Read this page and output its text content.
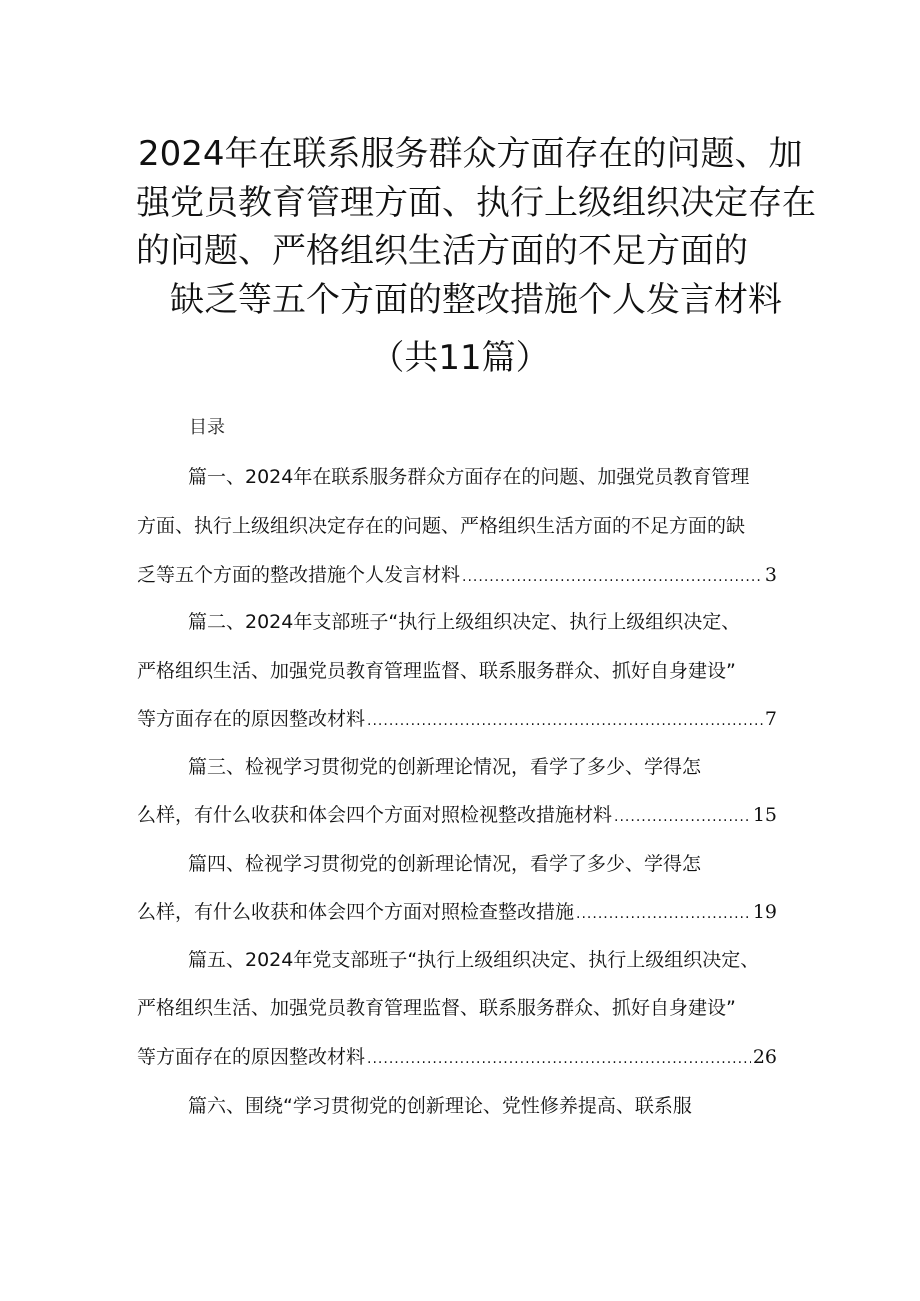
2024年在联系服务群众方面存在的问题、加
强党员教育管理方面、执行上级组织决定存在
的问题、严格组织生活方面的不足方面的
缺乏等五个方面的整改措施个人发言材料
（共11篇）
目录
篇一、2024年在联系服务群众方面存在的问题、加强党员教育管理
方面、执行上级组织决定存在的问题、严格组织生活方面的不足方面的缺
乏等五个方面的整改措施个人发言材料 .....	3
篇二、2024年支部班子“执行上级组织决定、执行上级组织决定、
严格组织生活、加强党员教育管理监督、联系服务群众、抓好自身建设”
等方面存在的原因整改材料 .....	7
篇三、检视学习贯彻党的创新理论情况，看学了多少、学得怎
么样，有什么收获和体会四个方面对照检视整改措施材料 .....	15
篇四、检视学习贯彻党的创新理论情况，看学了多少、学得怎
么样，有什么收获和体会四个方面对照检查整改措施 .....	19
篇五、2024年党支部班子“执行上级组织决定、执行上级组织决定、
严格组织生活、加强党员教育管理监督、联系服务群众、抓好自身建设”
等方面存在的原因整改材料 .....	26
篇六、围绕“学习贯彻党的创新理论、党性修养提高、联系服
